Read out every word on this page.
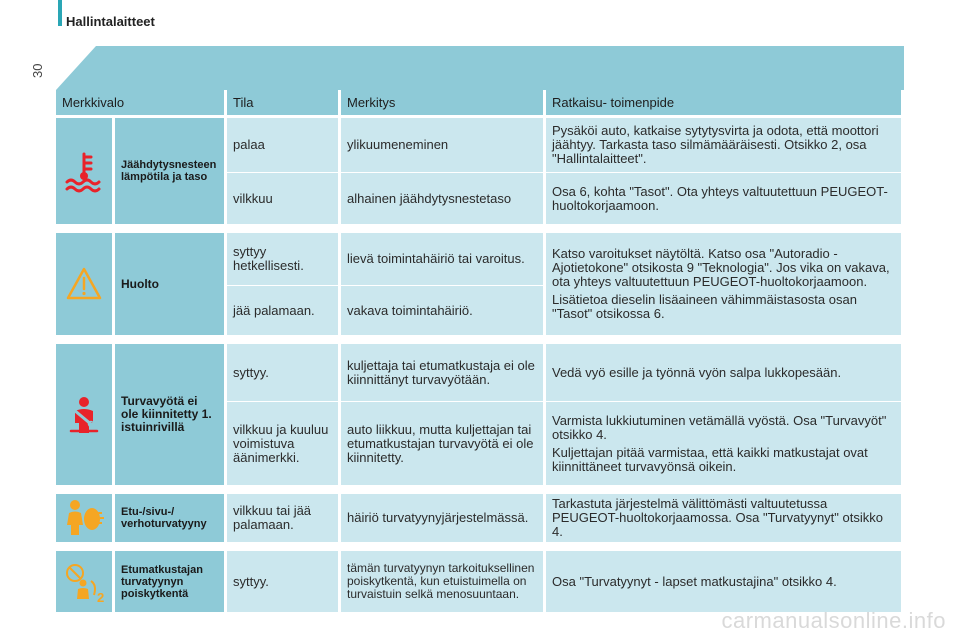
Hallintalaitteet
30
Merkkivalo		Tila	Merkitys	Ratkaisu- toimenpide

	Jäähdytysnesteen lämpötila ja taso	palaa	ylikuumeneminen	Pysäköi auto, katkaise sytytysvirta ja odota, että moottori jäähtyy. Tarkasta taso silmämääräisesti. Otsikko 2, osa "Hallintalaitteet".

		vilkkuu	alhainen jäähdytysnestetaso	Osa 6, kohta "Tasot". Ota yhteys valtuutettuun PEUGEOT-huoltokorjaamoon.

	Huolto	syttyy hetkellisesti.	lievä toimintahäiriö tai varoitus.	Katso varoitukset näytöltä. Katso osa "Autoradio - Ajotietokone" otsikosta 9 "Teknologia". Jos vika on vakava, ota yhteys valtuutettuun PEUGEOT-huoltokorjaamoon.

Lisätietoa dieselin lisäaineen vähimmäistasosta osan "Tasot" otsikossa 6.

		jää palamaan.	vakava toimintahäiriö.	

	Turvavyötä ei ole kiinnitetty 1. istuinrivillä	syttyy.	kuljettaja tai etumatkustaja ei ole kiinnittänyt turvavyötään.	Vedä vyö esille ja työnnä vyön salpa lukkopesään.

		vilkkuu ja kuuluu voimistuva äänimerkki.	auto liikkuu, mutta kuljettajan tai etumatkustajan turvavyötä ei ole kiinnitetty.	Varmista lukkiutuminen vetämällä vyöstä. Osa "Turvavyöt" otsikko 4.

Kuljettajan pitää varmistaa, että kaikki matkustajat ovat kiinnittäneet turvavyönsä oikein.

	Etu-/sivu-/ verhoturvatyyny	vilkkuu tai jää palamaan.	häiriö turvatyynyjärjestelmässä.	Tarkastuta järjestelmä välittömästi valtuutetussa PEUGEOT-huoltokorjaamossa. Osa "Turvatyynyt" otsikko 4.

2	Etumatkustajan turvatyynyn poiskytkentä	syttyy.	tämän turvatyynyn tarkoituksellinen poiskytkentä, kun etuistuimella on turvaistuin selkä menosuuntaan.	Osa "Turvatyynyt - lapset matkustajina" otsikko 4.

carmanualsonline.info
